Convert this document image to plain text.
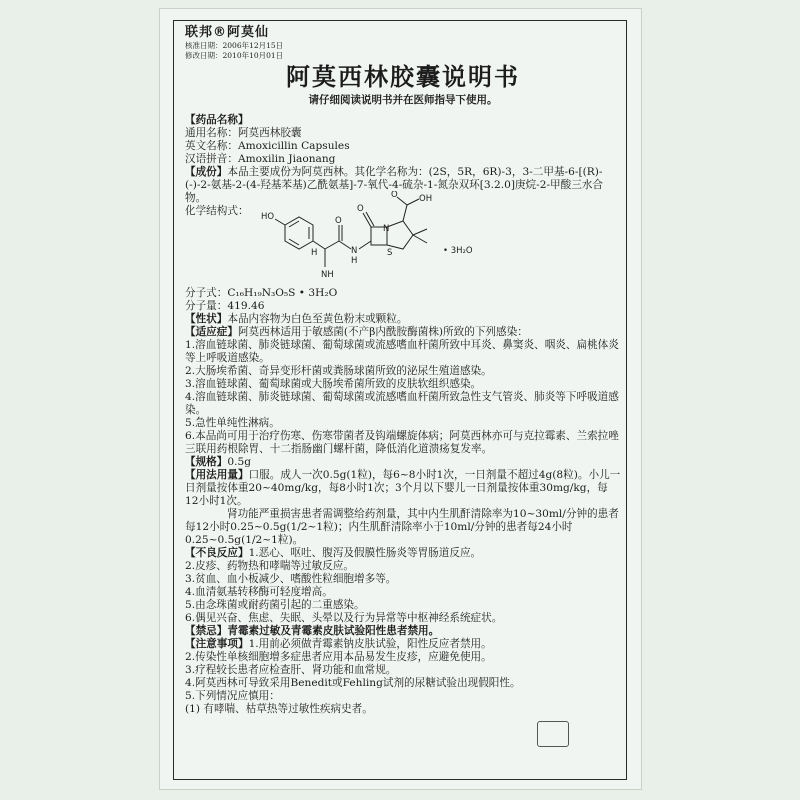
联邦®阿莫仙
核准日期：2006年12月15日
修改日期：2010年10月01日
阿莫西林胶囊说明书
请仔细阅读说明书并在医师指导下使用。
【药品名称】
通用名称：阿莫西林胶囊
英文名称：Amoxicillin Capsules
汉语拼音：Amoxilin Jiaonang
【成份】本品主要成份为阿莫西林。其化学名称为：(2S，5R，6R)-3，3-二甲基-6-[(R)-(-)-2-氨基-2-(4-羟基苯基)乙酰氨基]-7-氧代-4-硫杂-1-氮杂双环[3.2.0]庚烷-2-甲酸三水合物。
化学结构式： HO
H
NH
O
N
H
O
N
S
OH
O
• 3H₂O
分子式：C₁₆H₁₉N₃O₅S • 3H₂O
分子量：419.46
【性状】本品内容物为白色至黄色粉末或颗粒。
【适应症】阿莫西林适用于敏感菌(不产β内酰胺酶菌株)所致的下列感染：
1.溶血链球菌、肺炎链球菌、葡萄球菌或流感嗜血杆菌所致中耳炎、鼻窦炎、咽炎、扁桃体炎等上呼吸道感染。
2.大肠埃希菌、奇异变形杆菌或粪肠球菌所致的泌尿生殖道感染。
3.溶血链球菌、葡萄球菌或大肠埃希菌所致的皮肤软组织感染。
4.溶血链球菌、肺炎链球菌、葡萄球菌或流感嗜血杆菌所致急性支气管炎、肺炎等下呼吸道感染。
5.急性单纯性淋病。
6.本品尚可用于治疗伤寒、伤寒带菌者及钩端螺旋体病；阿莫西林亦可与克拉霉素、兰索拉唑三联用药根除胃、十二指肠幽门螺杆菌，降低消化道溃疡复发率。
【规格】0.5g
【用法用量】口服。成人一次0.5g(1粒)，每6~8小时1次，一日剂量不超过4g(8粒)。小儿一日剂量按体重20~40mg/kg，每8小时1次；3个月以下婴儿一日剂量按体重30mg/kg，每12小时1次。
肾功能严重损害患者需调整给药剂量，其中内生肌酐清除率为10~30ml/分钟的患者每12小时0.25~0.5g(1/2~1粒)；内生肌酐清除率小于10ml/分钟的患者每24小时0.25~0.5g(1/2~1粒)。
【不良反应】1.恶心、呕吐、腹泻及假膜性肠炎等胃肠道反应。
2.皮疹、药物热和哮喘等过敏反应。
3.贫血、血小板减少、嗜酸性粒细胞增多等。
4.血清氨基转移酶可轻度增高。
5.由念珠菌或耐药菌引起的二重感染。
6.偶见兴奋、焦虑、失眠、头晕以及行为异常等中枢神经系统症状。
【禁忌】青霉素过敏及青霉素皮肤试验阳性患者禁用。
【注意事项】1.用前必须做青霉素钠皮肤试验，阳性反应者禁用。
2.传染性单核细胞增多症患者应用本品易发生皮疹，应避免使用。
3.疗程较长患者应检查肝、肾功能和血常规。
4.阿莫西林可导致采用Benedit或Fehling试剂的尿糖试验出现假阳性。
5.下列情况应慎用：
(1) 有哮喘、枯草热等过敏性疾病史者。
